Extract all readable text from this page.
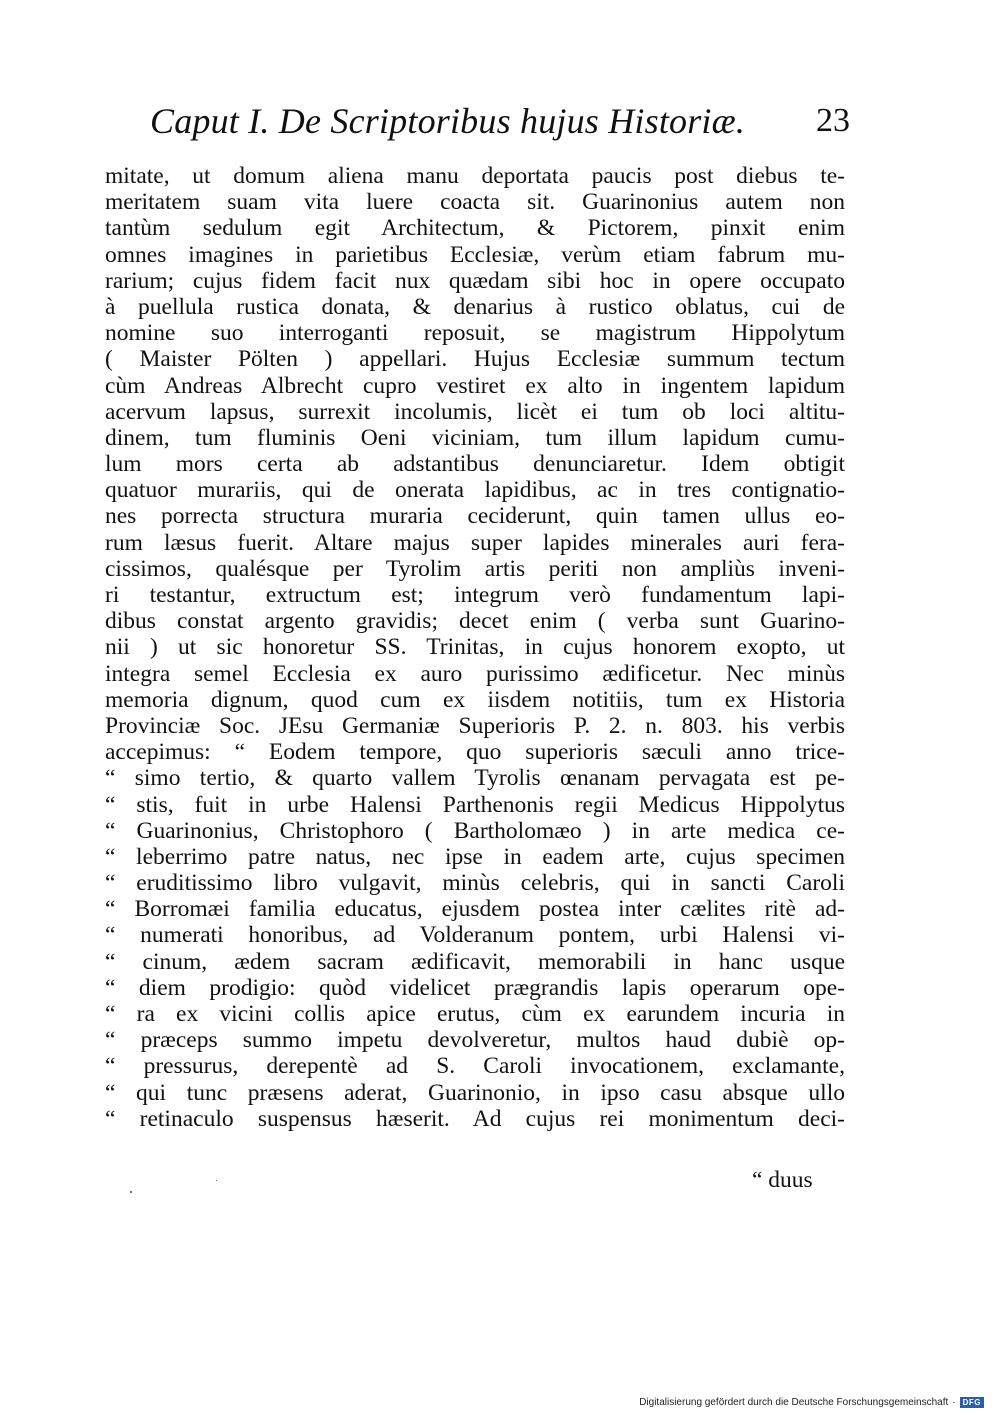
Caput I. De Scriptoribus hujus Historiæ. 23
mitate, ut domum aliena manu deportata paucis post diebus te-
meritatem suam vita luere coacta sit. Guarinonius autem non
tantùm sedulum egit Architectum, & Pictorem, pinxit enim
omnes imagines in parietibus Ecclesiæ, verùm etiam fabrum mu-
rarium; cujus fidem facit nux quædam sibi hoc in opere occupato
à puellula rustica donata, & denarius à rustico oblatus, cui de
nomine suo interroganti reposuit, se magistrum Hippolytum
( Maister Pölten ) appellari. Hujus Ecclesiæ summum tectum
cùm Andreas Albrecht cupro vestiret ex alto in ingentem lapidum
acervum lapsus, surrexit incolumis, licèt ei tum ob loci altitu-
dinem, tum fluminis Oeni viciniam, tum illum lapidum cumu-
lum mors certa ab adstantibus denunciaretur. Idem obtigit
quatuor murariis, qui de onerata lapidibus, ac in tres contignatio-
nes porrecta structura muraria ceciderunt, quin tamen ullus eo-
rum læsus fuerit. Altare majus super lapides minerales auri fera-
cissimos, qualésque per Tyrolim artis periti non ampliùs inveni-
ri testantur, extructum est; integrum verò fundamentum lapi-
dibus constat argento gravidis; decet enim ( verba sunt Guarino-
nii ) ut sic honoretur SS. Trinitas, in cujus honorem exopto, ut
integra semel Ecclesia ex auro purissimo ædificetur. Nec minùs
memoria dignum, quod cum ex iisdem notitiis, tum ex Historia
Provinciæ Soc. JEsu Germaniæ Superioris P. 2. n. 803. his verbis
accepimus: “ Eodem tempore, quo superioris sæculi anno trice-
“ simo tertio, & quarto vallem Tyrolis œnanam pervagata est pe-
“ stis, fuit in urbe Halensi Parthenonis regii Medicus Hippolytus
“ Guarinonius, Christophoro ( Bartholomæo ) in arte medica ce-
“ leberrimo patre natus, nec ipse in eadem arte, cujus specimen
“ eruditissimo libro vulgavit, minùs celebris, qui in sancti Caroli
“ Borromæi familia educatus, ejusdem postea inter cælites ritè ad-
“ numerati honoribus, ad Volderanum pontem, urbi Halensi vi-
“ cinum, ædem sacram ædificavit, memorabili in hanc usque
“ diem prodigio: quòd videlicet prægrandis lapis operarum ope-
“ ra ex vicini collis apice erutus, cùm ex earundem incuria in
“ præceps summo impetu devolveretur, multos haud dubiè op-
“ pressurus, derepentè ad S. Caroli invocationem, exclamante,
“ qui tunc præsens aderat, Guarinonio, in ipso casu absque ullo
“ retinaculo suspensus hæserit. Ad cujus rei monimentum deci-
“ duus
Digitalisierung gefördert durch die Deutsche Forschungsgemeinschaft · DFG
